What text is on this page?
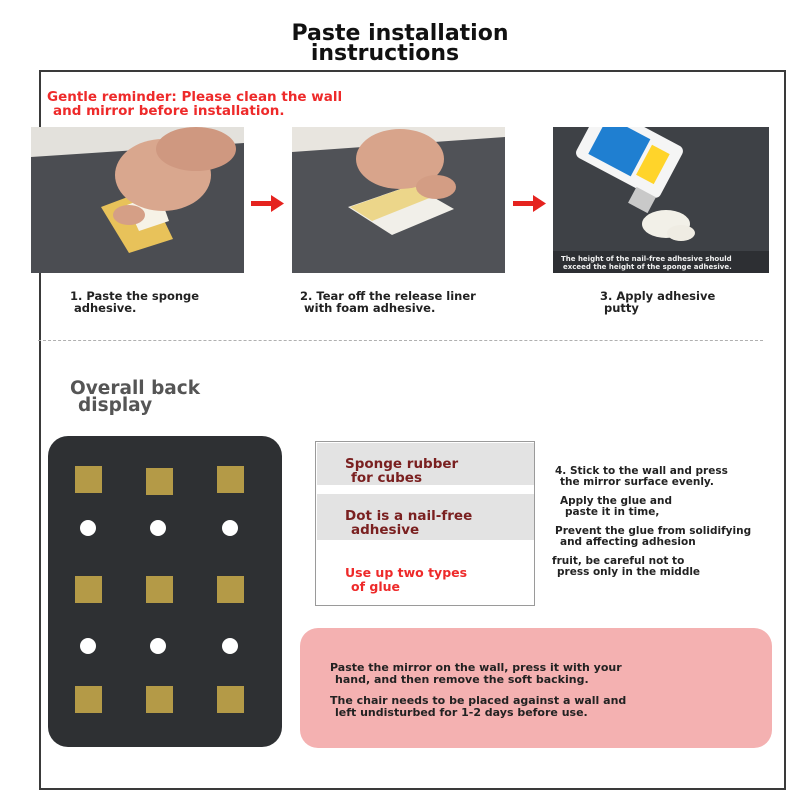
Paste installation
instructions
Gentle reminder: Please clean the wall
and mirror before installation.
The height of the nail-free adhesive should
exceed the height of the sponge adhesive.
1. Paste the sponge
adhesive.
2. Tear off the release liner
with foam adhesive.
3. Apply adhesive
putty
Overall back
display
Sponge rubber
for cubes
Dot is a nail-free
adhesive
Use up two types
of glue
4. Stick to the wall and press
the mirror surface evenly.
Apply the glue and
paste it in time,
Prevent the glue from solidifying
and affecting adhesion
fruit, be careful not to
press only in the middle
Paste the mirror on the wall, press it with your
hand, and then remove the soft backing.
The chair needs to be placed against a wall and
left undisturbed for 1-2 days before use.
